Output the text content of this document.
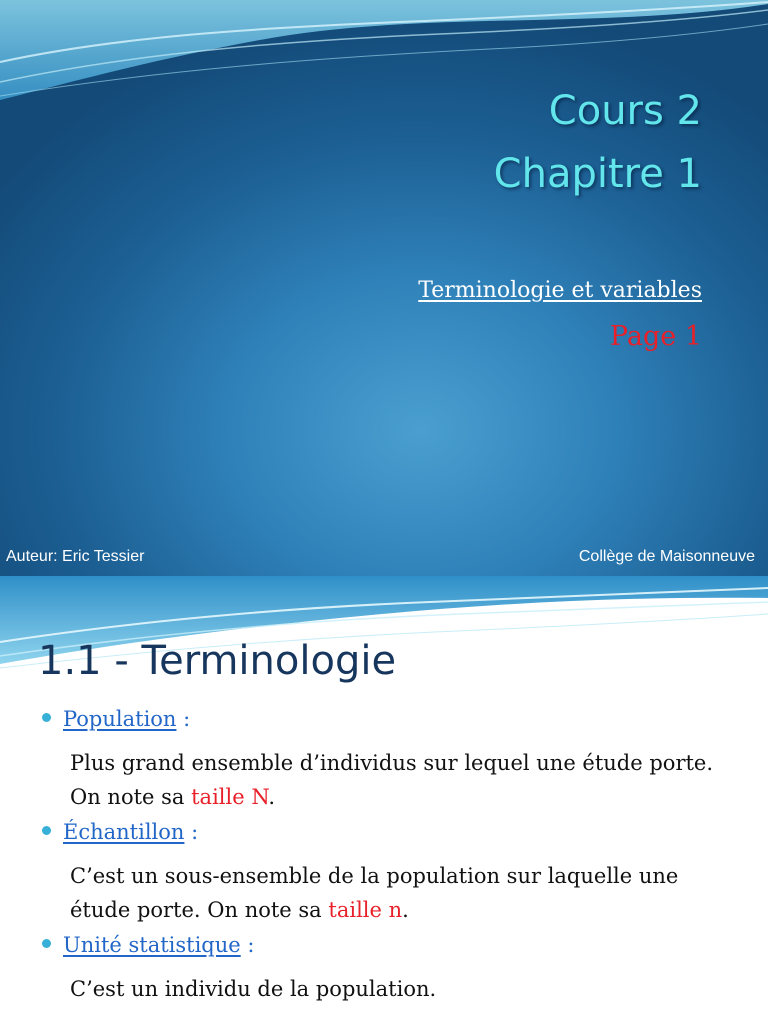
Cours 2
Chapitre 1
Terminologie et variables
Page 1
Auteur: Eric Tessier	Collège de Maisonneuve
1.1 - Terminologie
Population :

Plus grand ensemble d’individus sur lequel une étude porte. On note sa taille N.

Échantillon :

C’est un sous-ensemble de la population sur laquelle une étude porte. On note sa taille n.

Unité statistique :

C’est un individu de la population.
